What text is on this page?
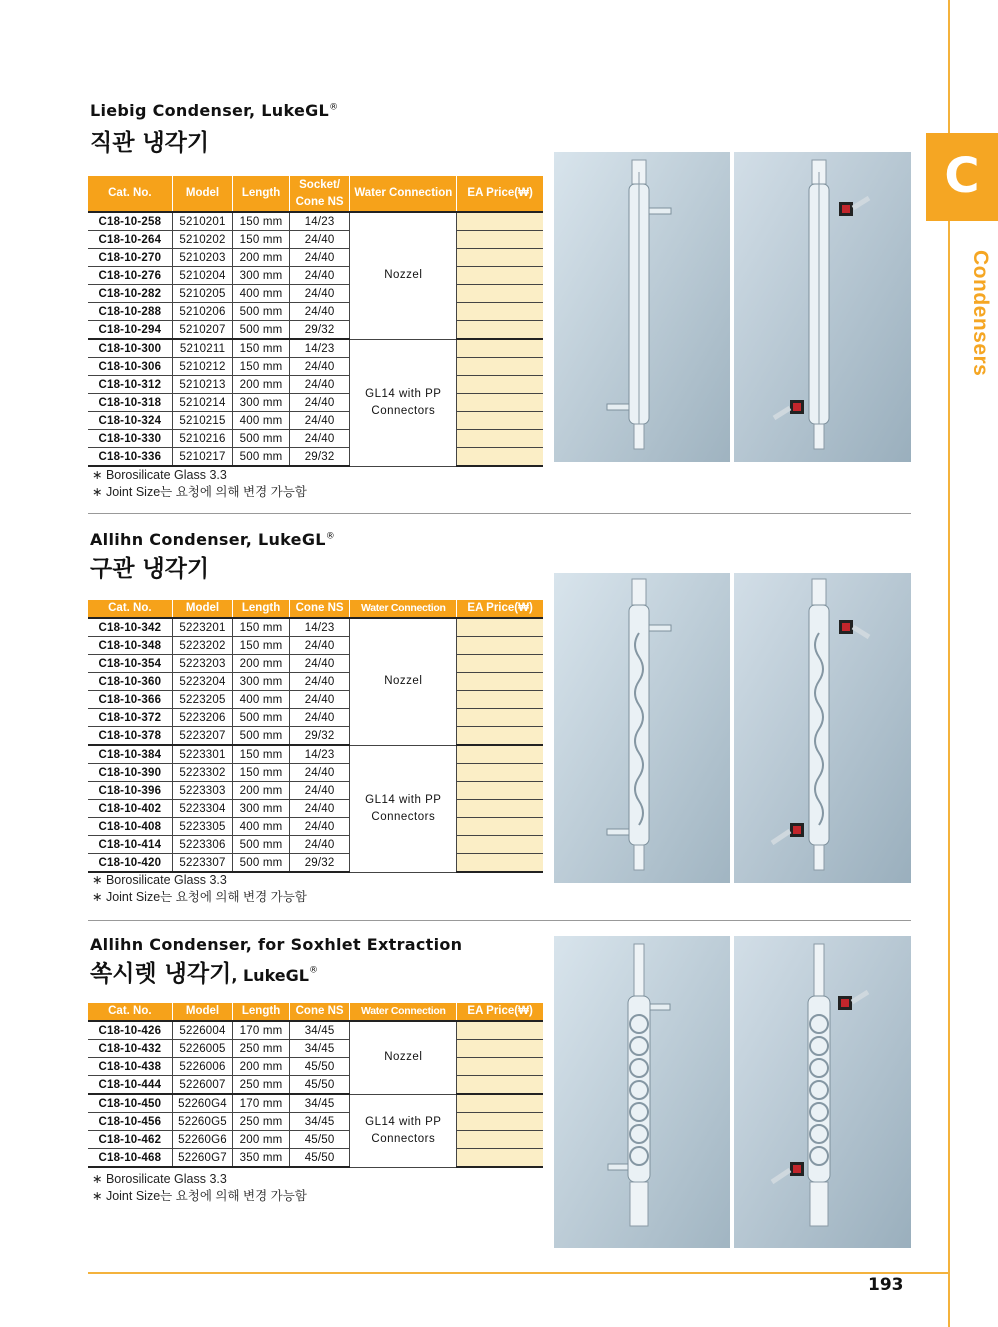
C
Condensers
Liebig Condenser, LukeGL®
직관 냉각기
Cat. No.	Model	Length	Socket/ Cone NS	Water Connection	EA Price(₩)
C18-10-258	5210201	150 mm	14/23	Nozzel	
C18-10-264	5210202	150 mm	24/40		
C18-10-270	5210203	200 mm	24/40		
C18-10-276	5210204	300 mm	24/40		
C18-10-282	5210205	400 mm	24/40		
C18-10-288	5210206	500 mm	24/40		
C18-10-294	5210207	500 mm	29/32		
C18-10-300	5210211	150 mm	14/23	GL14 with PP Connectors	
C18-10-306	5210212	150 mm	24/40		
C18-10-312	5210213	200 mm	24/40		
C18-10-318	5210214	300 mm	24/40		
C18-10-324	5210215	400 mm	24/40		
C18-10-330	5210216	500 mm	24/40		
C18-10-336	5210217	500 mm	29/32		
∗ Borosilicate Glass 3.3
∗ Joint Size는 요청에 의해 변경 가능함
Allihn Condenser, LukeGL®
구관 냉각기
Cat. No.	Model	Length	Cone NS	Water Connection	EA Price(₩)
C18-10-342	5223201	150 mm	14/23	Nozzel	
C18-10-348	5223202	150 mm	24/40		
C18-10-354	5223203	200 mm	24/40		
C18-10-360	5223204	300 mm	24/40		
C18-10-366	5223205	400 mm	24/40		
C18-10-372	5223206	500 mm	24/40		
C18-10-378	5223207	500 mm	29/32		
C18-10-384	5223301	150 mm	14/23	GL14 with PP Connectors	
C18-10-390	5223302	150 mm	24/40		
C18-10-396	5223303	200 mm	24/40		
C18-10-402	5223304	300 mm	24/40		
C18-10-408	5223305	400 mm	24/40		
C18-10-414	5223306	500 mm	24/40		
C18-10-420	5223307	500 mm	29/32		
∗ Borosilicate Glass 3.3
∗ Joint Size는 요청에 의해 변경 가능함
Allihn Condenser, for Soxhlet Extraction
쏙시렛 냉각기, LukeGL®
Cat. No.	Model	Length	Cone NS	Water Connection	EA Price(₩)
C18-10-426	5226004	170 mm	34/45	Nozzel	
C18-10-432	5226005	250 mm	34/45		
C18-10-438	5226006	200 mm	45/50		
C18-10-444	5226007	250 mm	45/50		
C18-10-450	52260G4	170 mm	34/45	GL14 with PP Connectors	
C18-10-456	52260G5	250 mm	34/45		
C18-10-462	52260G6	200 mm	45/50		
C18-10-468	52260G7	350 mm	45/50		
∗ Borosilicate Glass 3.3
∗ Joint Size는 요청에 의해 변경 가능함
193
